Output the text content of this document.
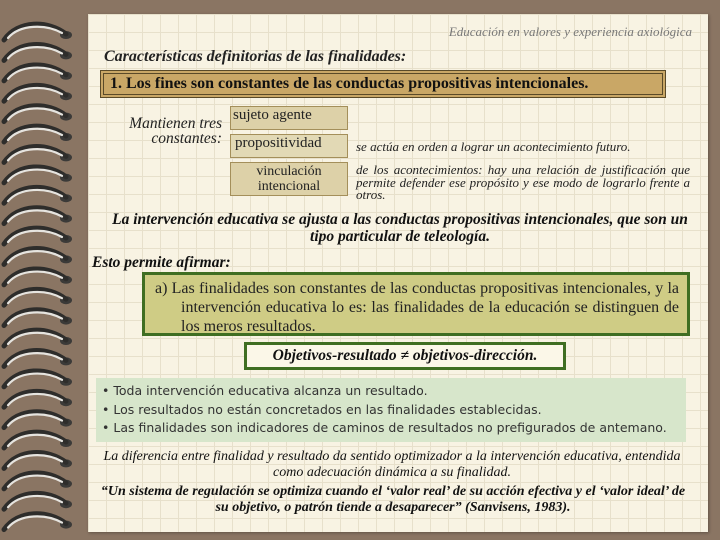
Educación en valores y experiencia axiológica
Características definitorias de las finalidades:
1. Los fines son constantes de las conductas propositivas intencionales.
Mantienen tres constantes:
sujeto agente
propositividad
vinculación intencional
se actúa en orden a lograr un acontecimiento futuro.
de los acontecimientos: hay una relación de justificación que permite defender ese propósito y ese modo de lograrlo frente a otros.
La intervención educativa se ajusta a las conductas propositivas intencionales, que son un tipo particular de teleología.
Esto permite afirmar:
a) Las finalidades son constantes de las conductas propositivas intencionales, y la intervención educativa lo es: las finalidades de la educación se distinguen de los meros resultados.
Objetivos-resultado ≠ objetivos-dirección.
• Toda intervención educativa alcanza un resultado.
• Los resultados no están concretados en las finalidades establecidas.
• Las finalidades son indicadores de caminos de resultados no prefigurados de antemano.
La diferencia entre finalidad y resultado da sentido optimizador a la intervención educativa, entendida como adecuación dinámica a su finalidad.
“Un sistema de regulación se optimiza cuando el ‘valor real’ de su acción efectiva y el ‘valor ideal’ de su objetivo, o patrón tiende a desaparecer” (Sanvisens, 1983).
